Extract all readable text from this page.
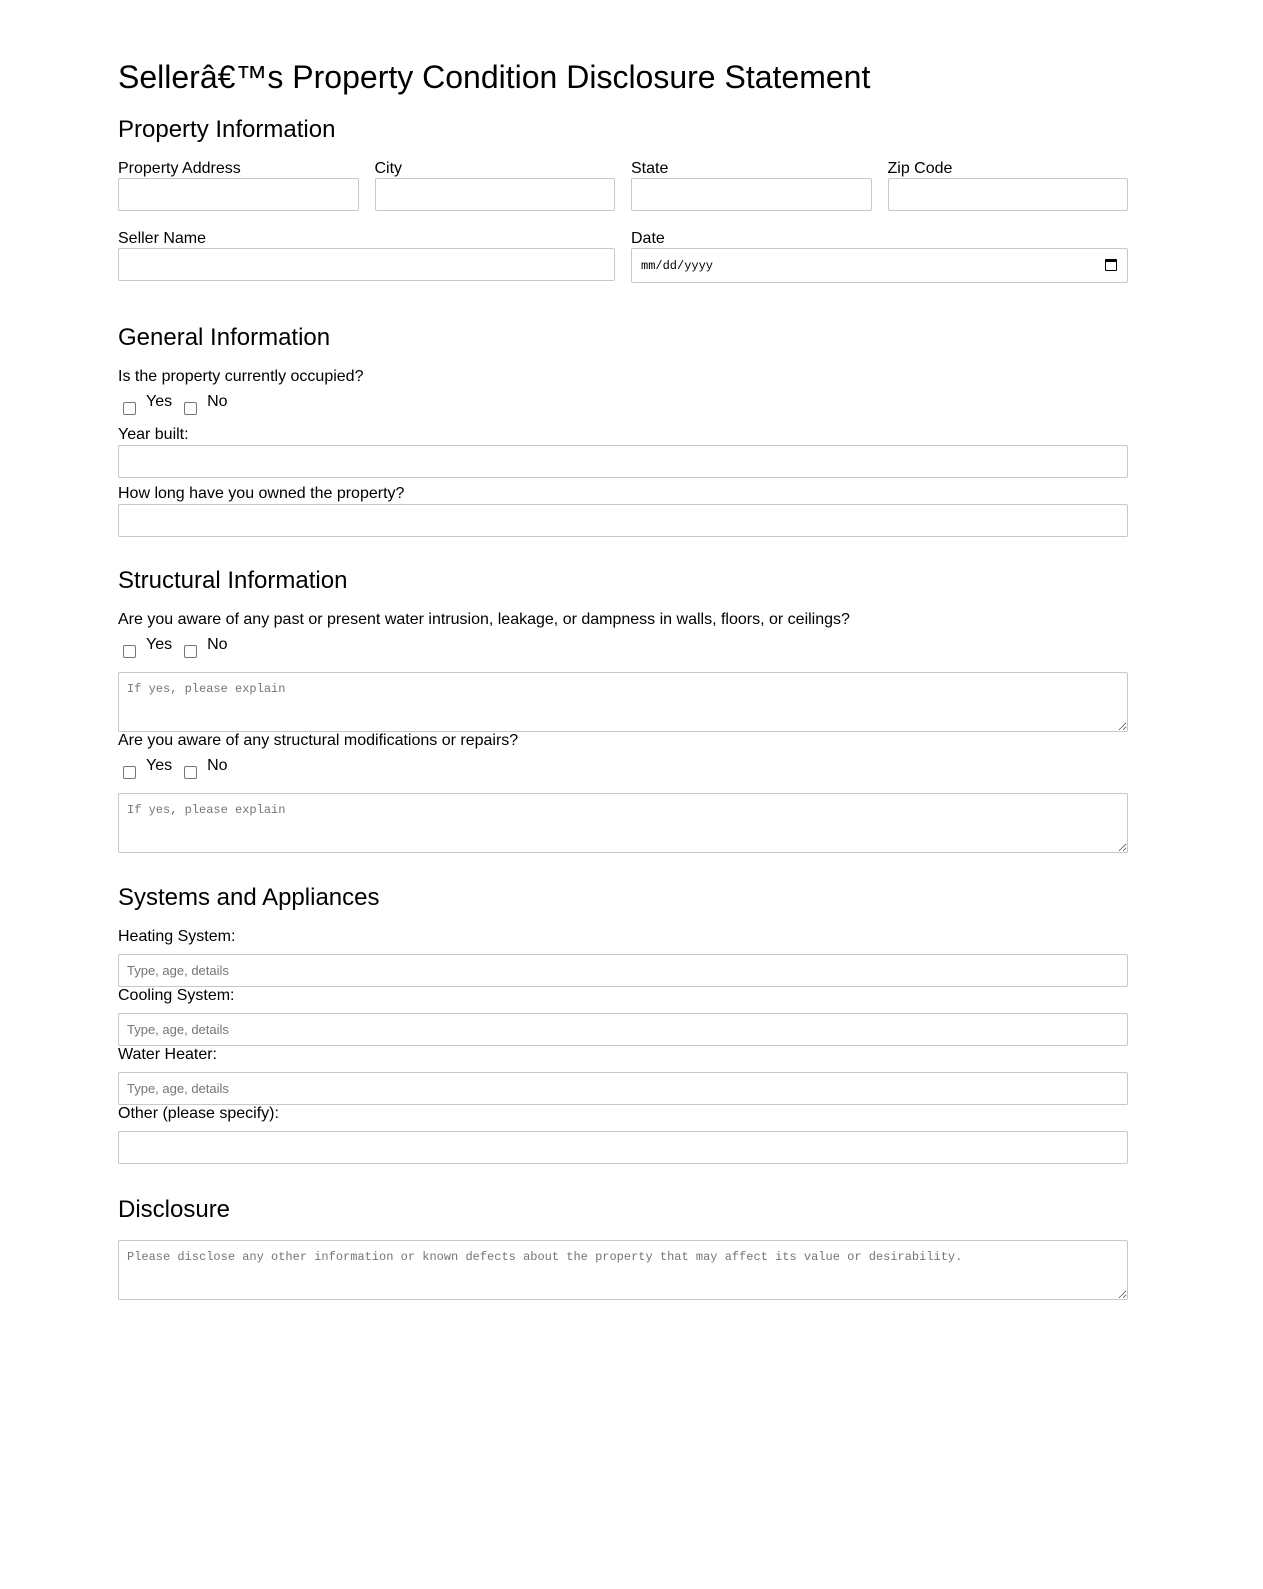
Sellerâ€™s Property Condition Disclosure Statement
Property Information
Property Address	City	State	Zip Code
Seller Name	Date
mm/dd/yyyy
General Information
Is the property currently occupied?
Yes No
Year built:
How long have you owned the property?
Structural Information
Are you aware of any past or present water intrusion, leakage, or dampness in walls, floors, or ceilings?
Yes No
If yes, please explain
Are you aware of any structural modifications or repairs?
Yes No
If yes, please explain
Systems and Appliances
Heating System:
Type, age, details
Cooling System:
Type, age, details
Water Heater:
Type, age, details
Other (please specify):
Disclosure
Please disclose any other information or known defects about the property that may affect its value or desirability.
